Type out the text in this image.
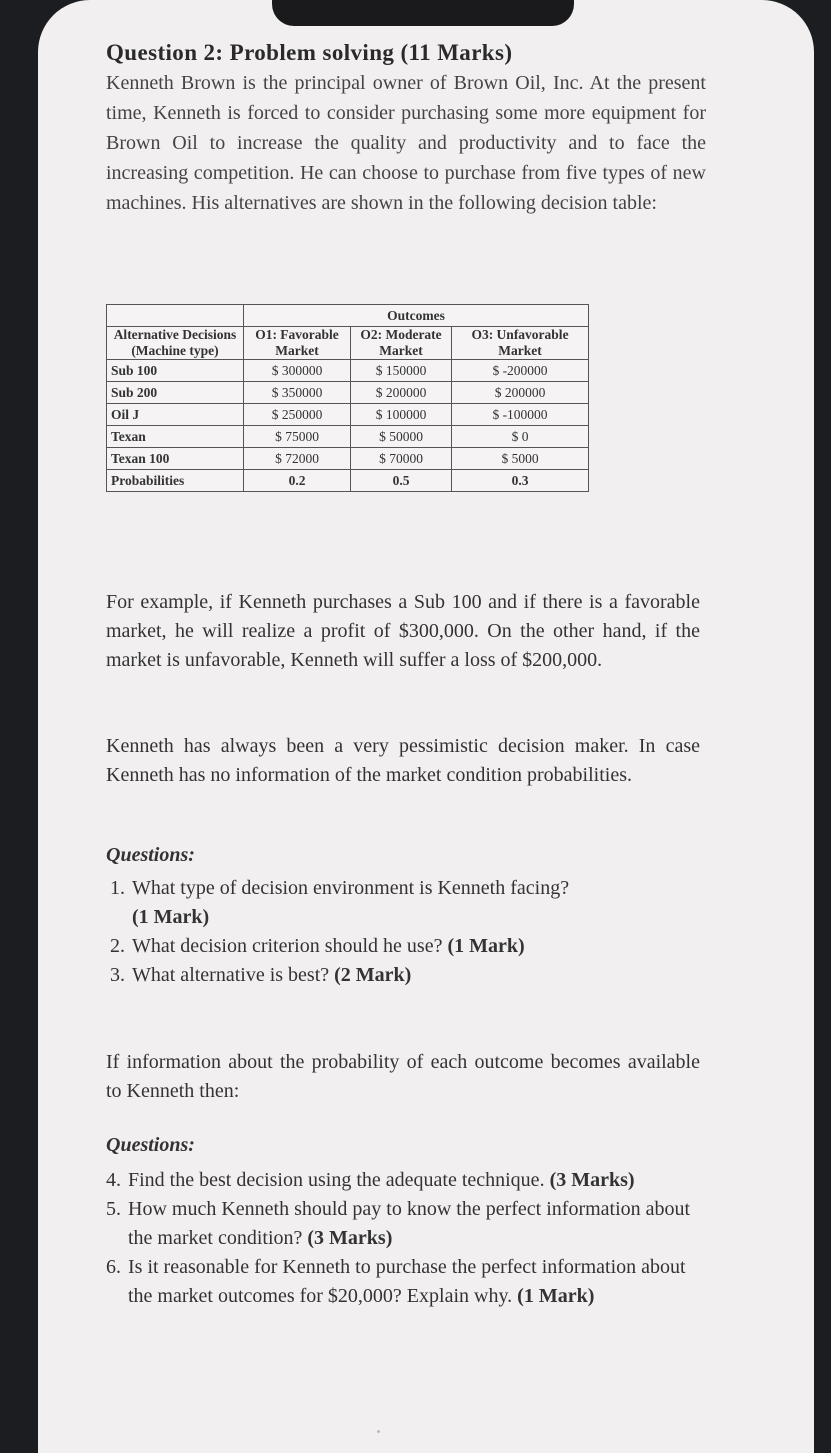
Question 2: Problem solving (11 Marks)

Kenneth Brown is the principal owner of Brown Oil, Inc. At the present time, Kenneth is forced to consider purchasing some more equipment for Brown Oil to increase the quality and productivity and to face the increasing competition. He can choose to purchase from five types of new machines. His alternatives are shown in the following decision table:

	Outcomes		
Alternative Decisions (Machine type)	O1: Favorable Market	O2: Moderate Market	O3: Unfavorable Market
Sub 100	$ 300000	$ 150000	$ -200000
Sub 200	$ 350000	$ 200000	$ 200000
Oil J	$ 250000	$ 100000	$ -100000
Texan	$ 75000	$ 50000	$ 0
Texan 100	$ 72000	$ 70000	$ 5000
Probabilities	0.2	0.5	0.3

For example, if Kenneth purchases a Sub 100 and if there is a favorable market, he will realize a profit of $300,000. On the other hand, if the market is unfavorable, Kenneth will suffer a loss of $200,000.

Kenneth has always been a very pessimistic decision maker. In case Kenneth has no information of the market condition probabilities.

Questions:
1. What type of decision environment is Kenneth facing?
(1 Mark)
2. What decision criterion should he use? (1 Mark)
3. What alternative is best? (2 Mark)

If information about the probability of each outcome becomes available to Kenneth then:

Questions:
4. Find the best decision using the adequate technique. (3 Marks)
5. How much Kenneth should pay to know the perfect information about the market condition? (3 Marks)
6. Is it reasonable for Kenneth to purchase the perfect information about the market outcomes for $20,000? Explain why. (1 Mark)
